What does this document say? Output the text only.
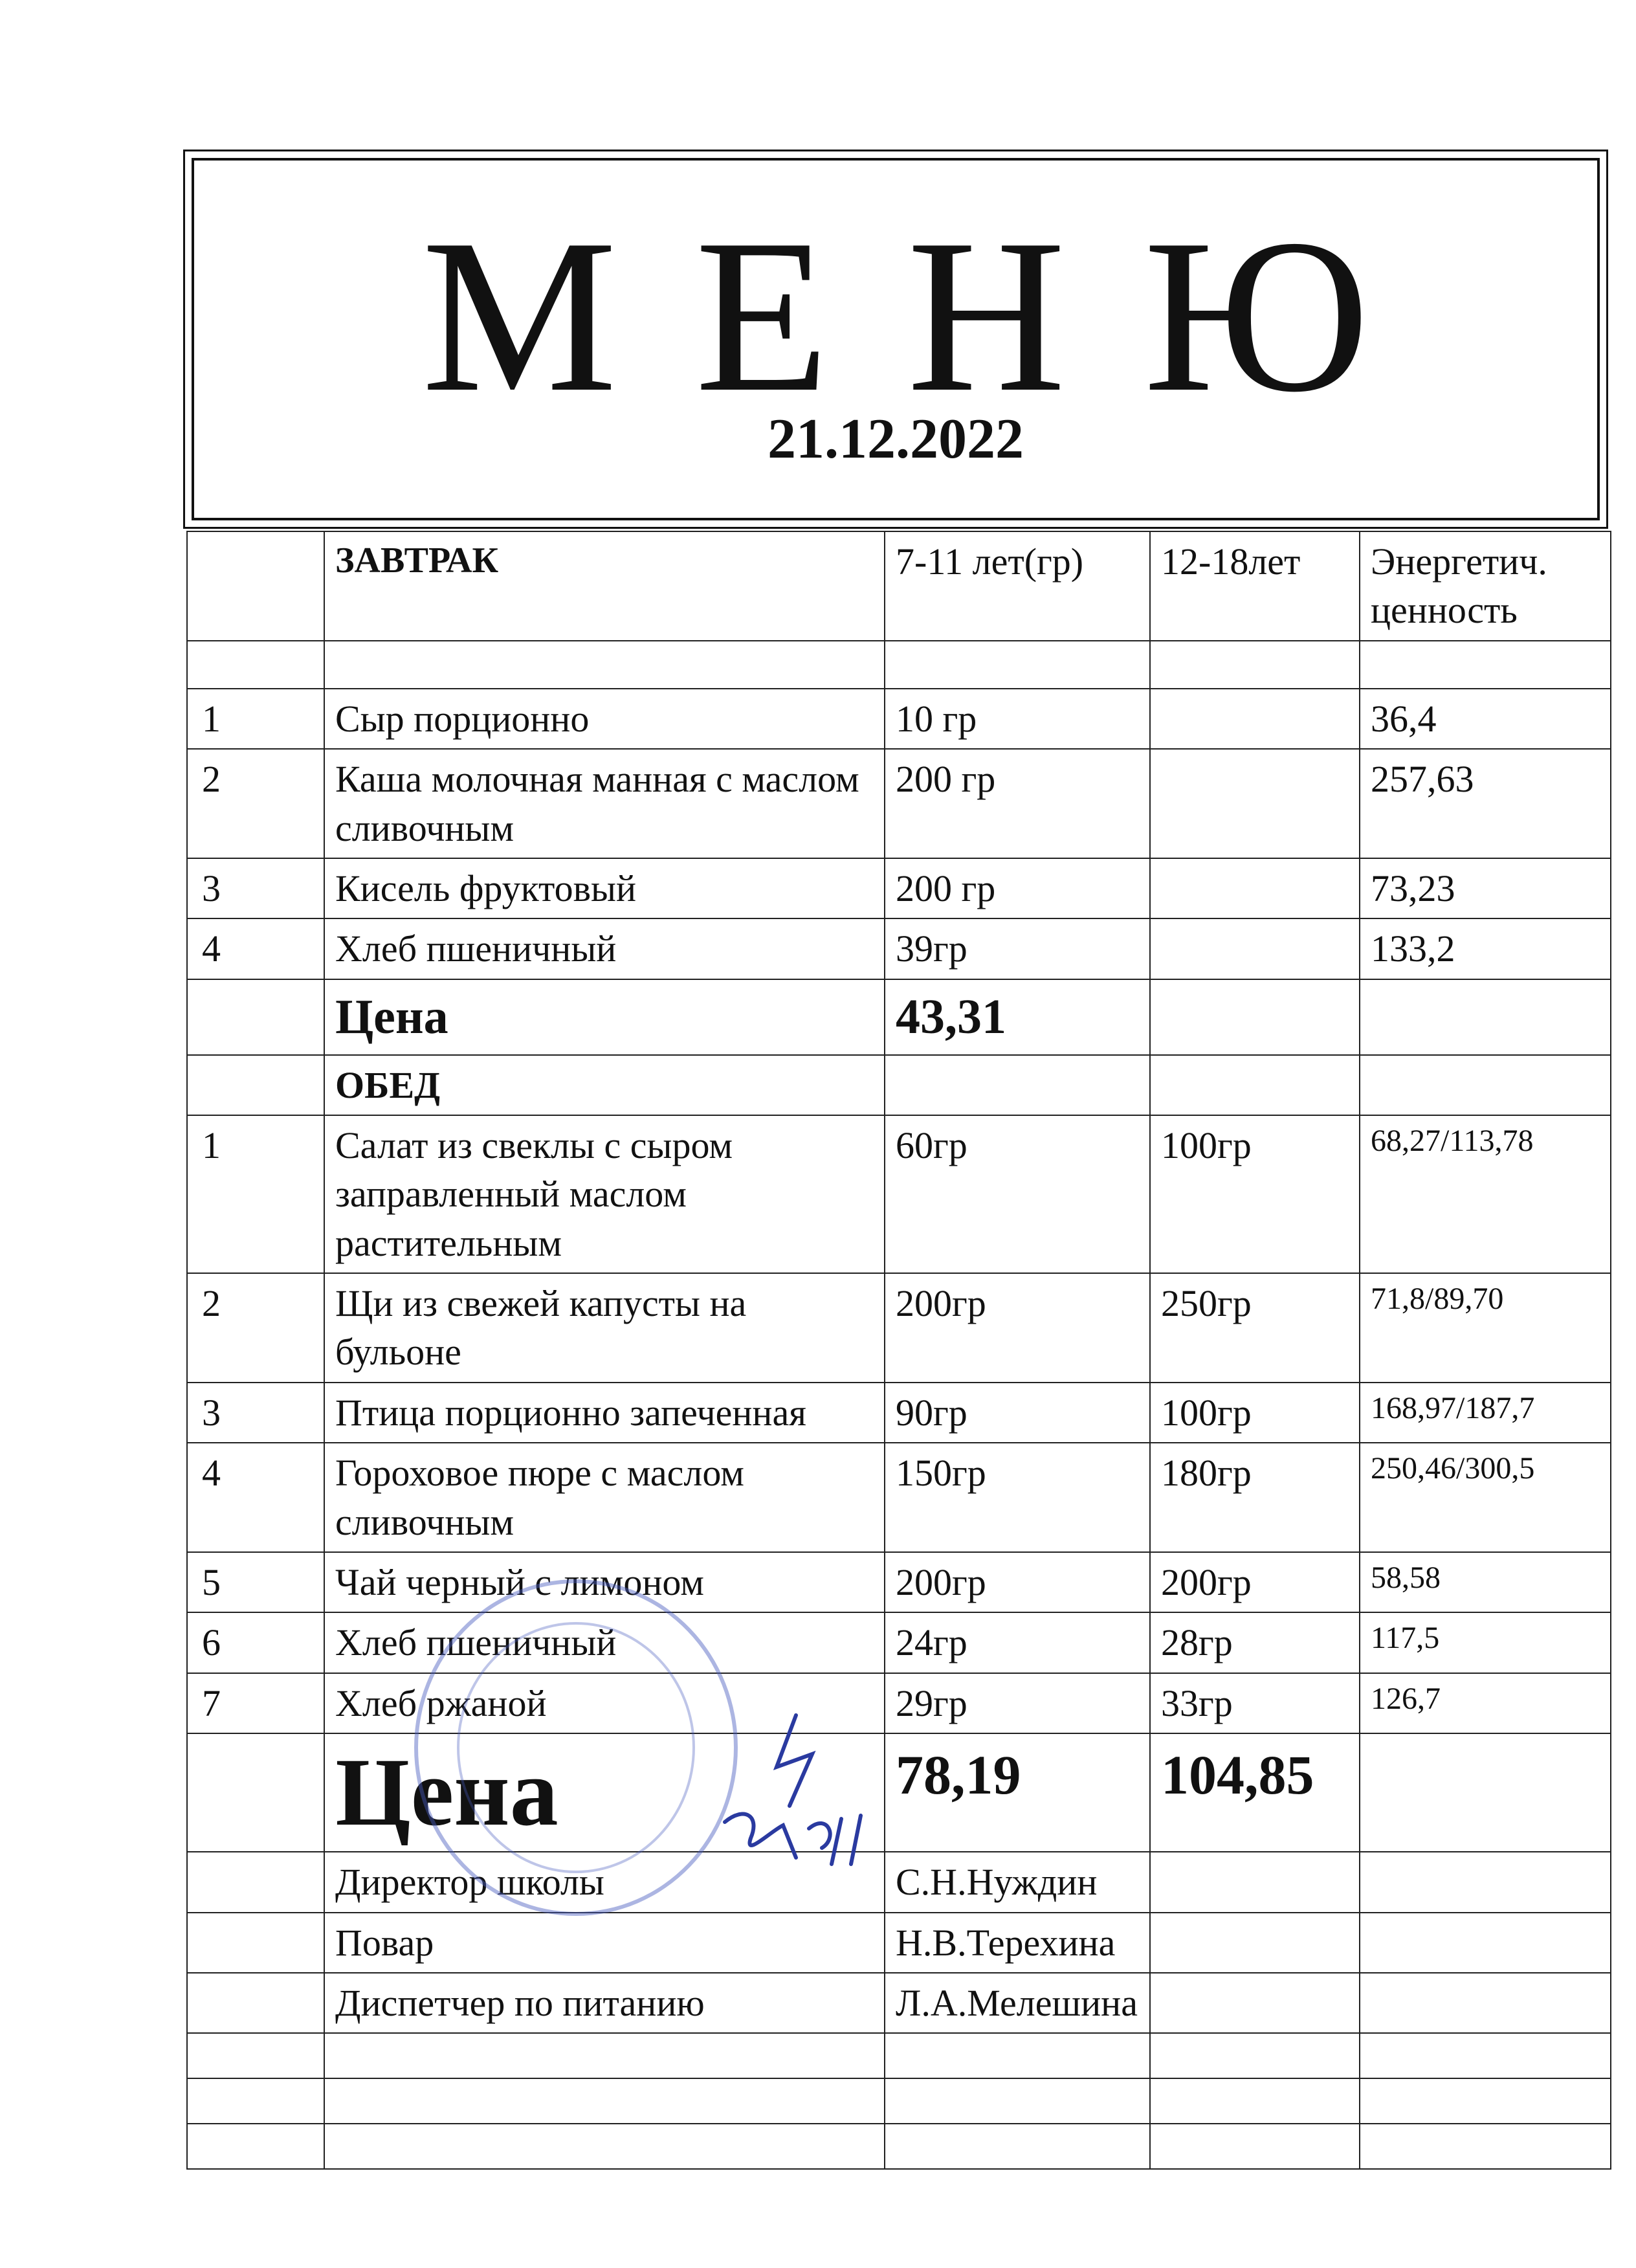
М Е Н Ю
21.12.2022
	ЗАВТРАК	7-11 лет(гр)	12-18лет	Энергетич. ценность

1	Сыр порционно	10 гр		36,4
2	Каша молочная манная с маслом сливочным	200 гр		257,63
3	Кисель фруктовый	200 гр		73,23
4	Хлеб пшеничный	39гр		133,2
	Цена	43,31		
	ОБЕД			
1	Салат из свеклы с сыром заправленный маслом растительным	60гр	100гр	68,27/113,78
2	Щи из свежей капусты на бульоне	200гр	250гр	71,8/89,70
3	Птица порционно запеченная	90гр	100гр	168,97/187,7
4	Гороховое пюре с маслом сливочным	150гр	180гр	250,46/300,5
5	Чай черный с лимоном	200гр	200гр	58,58
6	Хлеб пшеничный	24гр	28гр	117,5
7	Хлеб ржаной	29гр	33гр	126,7
	Цена	78,19	104,85	
	Директор школы	С.Н.Нуждин		
	Повар	Н.В.Терехина		
	Диспетчер по питанию	Л.А.Мелешина		
